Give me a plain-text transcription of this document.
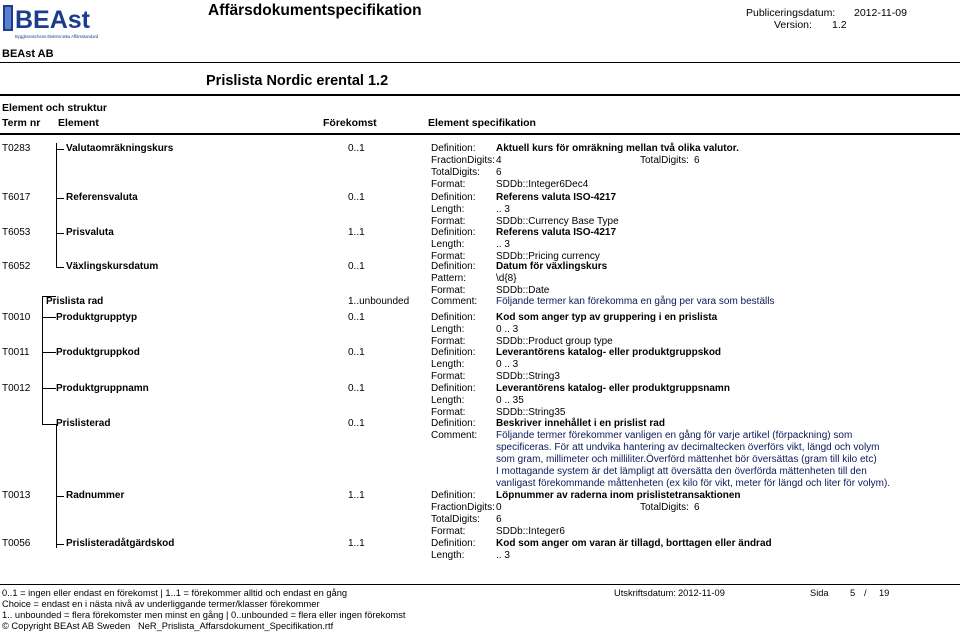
BEAst
Byggbranschens Elektroniska Affärsstandard
Affärsdokumentspecifikation	Publiceringsdatum: 2012-11-09
Version: 1.2
BEAst AB
Prislista Nordic erental 1.2
Element och struktur
Term nr Element	Förekomst	Element specifikation
T0283	Valutaomräkningskurs	0..1	Definition: Aktuell kurs för omräkning mellan två olika valutor.
FractionDigits: 4	TotalDigits: 6
TotalDigits: 6
Format:	SDDb::Integer6Dec4
T6017	Referensvaluta	0..1	Definition: Referens valuta ISO-4217
Length:	.. 3
Format:	SDDb::Currency Base Type
T6053	Prisvaluta	1..1	Definition: Referens valuta ISO-4217
Length:	.. 3
Format:	SDDb::Pricing currency
T6052	Växlingskursdatum	0..1	Definition: Datum för växlingskurs
Pattern:	\d{8}
Format:	SDDb::Date
Prislista rad	1..unbounded Comment: Följande termer kan förekomma en gång per vara som beställs
T0010	Produktgrupptyp	0..1	Definition: Kod som anger typ av gruppering i en prislista
Length:	0 .. 3
Format:	SDDb::Product group type
T0011	Produktgruppkod	0..1	Definition: Leverantörens katalog- eller produktgruppskod
Length:	0 .. 3
Format:	SDDb::String3
T0012	Produktgruppnamn	0..1	Definition: Leverantörens katalog- eller produktgruppsnamn
Length:	0 .. 35
Format:	SDDb::String35
Prislisterad	0..1	Definition: Beskriver innehållet i en prislist rad
Comment: Följande termer förekommer vanligen en gång för varje artikel (förpackning) som
specificeras. För att undvika hantering av decimaltecken överförs vikt, längd och volym
som gram, millimeter och milliliter.Överförd mättenhet bör översättas (gram till kilo etc)
I mottagande system är det lämpligt att översätta den överförda mättenheten till den
vanligast förekommande måttenheten (ex kilo för vikt, meter för längd och liter för volym).
T0013	Radnummer	1..1	Definition: Löpnummer av raderna inom prislistetransaktionen
FractionDigits: 0	TotalDigits: 6
TotalDigits: 6
Format:	SDDb::Integer6
T0056	Prislisteradåtgärdskod	1..1	Definition: Kod som anger om varan är tillagd, borttagen eller ändrad
Length:	.. 3
0..1 = ingen eller endast en förekomst | 1..1 = förekommer alltid och endast en gång
Choice = endast en i nästa nivå av underliggande termer/klasser förekommer
1.. unbounded = flera förekomster men minst en gång | 0..unbounded = flera eller ingen förekomst
© Copyright BEAst AB Sweden NeR_Prislista_Affarsdokument_Specifikation.rtf
Utskriftsdatum: 2012-11-09	Sida 5 / 19
